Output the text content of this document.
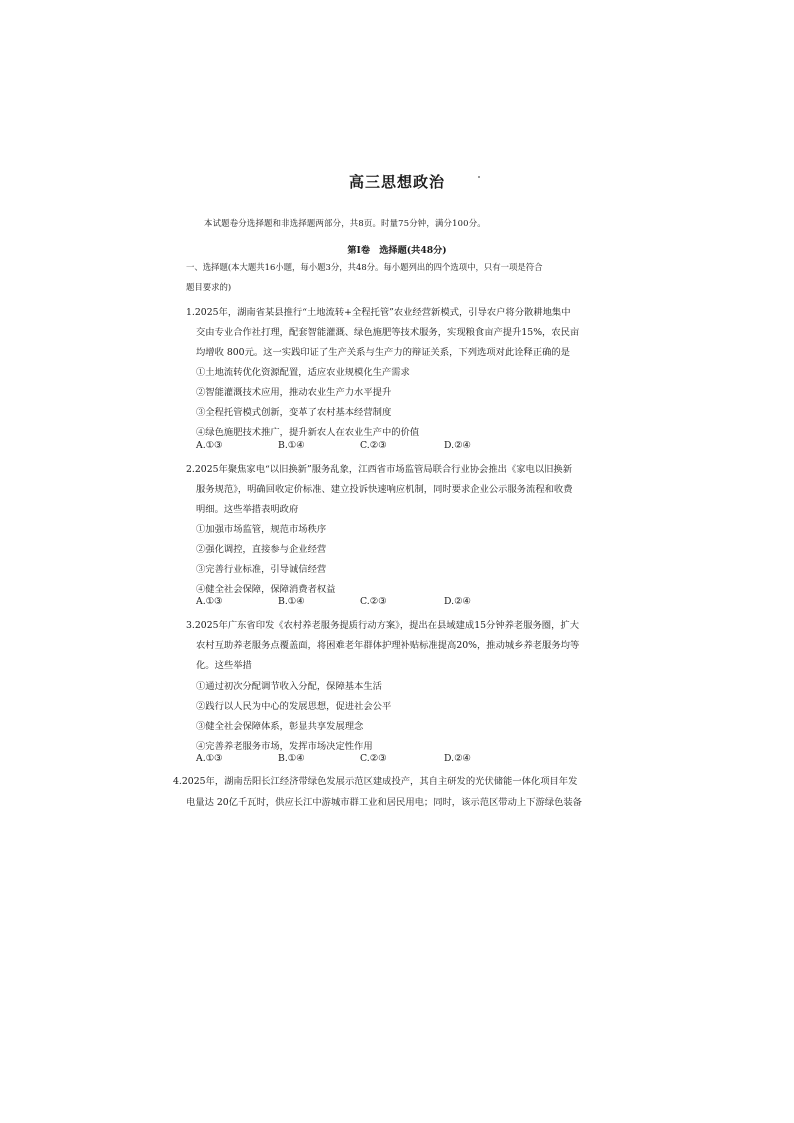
高三思想政治
本试题卷分选择题和非选择题两部分，共8页。时量75分钟，满分100分。
第Ⅰ卷　选择题(共48分)
一、选择题(本大题共16小题，每小题3分，共48分。每小题列出的四个选项中，只有一项是符合
题目要求的)
1.2025年，湖南省某县推行“土地流转+全程托管”农业经营新模式，引导农户将分散耕地集中
交由专业合作社打理，配套智能灌溉、绿色施肥等技术服务，实现粮食亩产提升15%，农民亩
均增收 800元。这一实践印证了生产关系与生产力的辩证关系，下列选项对此诠释正确的是
①土地流转优化资源配置，适应农业规模化生产需求
②智能灌溉技术应用，推动农业生产力水平提升
③全程托管模式创新，变革了农村基本经营制度
④绿色施肥技术推广，提升新农人在农业生产中的价值
A.①③	B.①④	C.②③	D.②④
2.2025年聚焦家电“以旧换新”服务乱象，江西省市场监管局联合行业协会推出《家电以旧换新
服务规范》，明确回收定价标准、建立投诉快速响应机制，同时要求企业公示服务流程和收费
明细。这些举措表明政府
①加强市场监管，规范市场秩序
②强化调控，直接参与企业经营
③完善行业标准，引导诚信经营
④健全社会保障，保障消费者权益
A.①③	B.①④	C.②③	D.②④
3.2025年广东省印发《农村养老服务提质行动方案》，提出在县域建成15分钟养老服务圈，扩大
农村互助养老服务点覆盖面，将困难老年群体护理补贴标准提高20%，推动城乡养老服务均等
化。这些举措
①通过初次分配调节收入分配，保障基本生活
②践行以人民为中心的发展思想，促进社会公平
③健全社会保障体系，彰显共享发展理念
④完善养老服务市场，发挥市场决定性作用
A.①③	B.①④	C.②③	D.②④
4.2025年，湖南岳阳长江经济带绿色发展示范区建成投产，其自主研发的光伏储能一体化项目年发
电量达 20亿千瓦时，供应长江中游城市群工业和居民用电；同时，该示范区带动上下游绿色装备
